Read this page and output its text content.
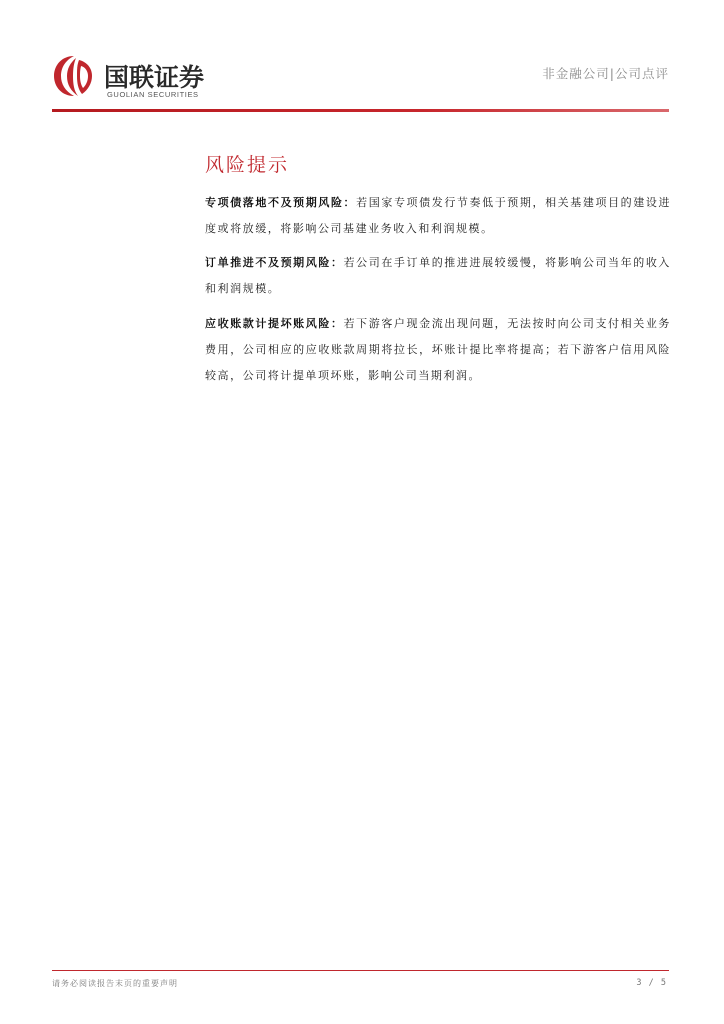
国联证券
GUOLIAN SECURITIES
非金融公司|公司点评
风险提示

专项债落地不及预期风险：若国家专项债发行节奏低于预期，相关基建项目的建设进度或将放缓，将影响公司基建业务收入和利润规模。

订单推进不及预期风险：若公司在手订单的推进进展较缓慢，将影响公司当年的收入和利润规模。

应收账款计提坏账风险：若下游客户现金流出现问题，无法按时向公司支付相关业务费用，公司相应的应收账款周期将拉长，坏账计提比率将提高；若下游客户信用风险较高，公司将计提单项坏账，影响公司当期利润。

请务必阅读报告末页的重要声明	3 / 5
